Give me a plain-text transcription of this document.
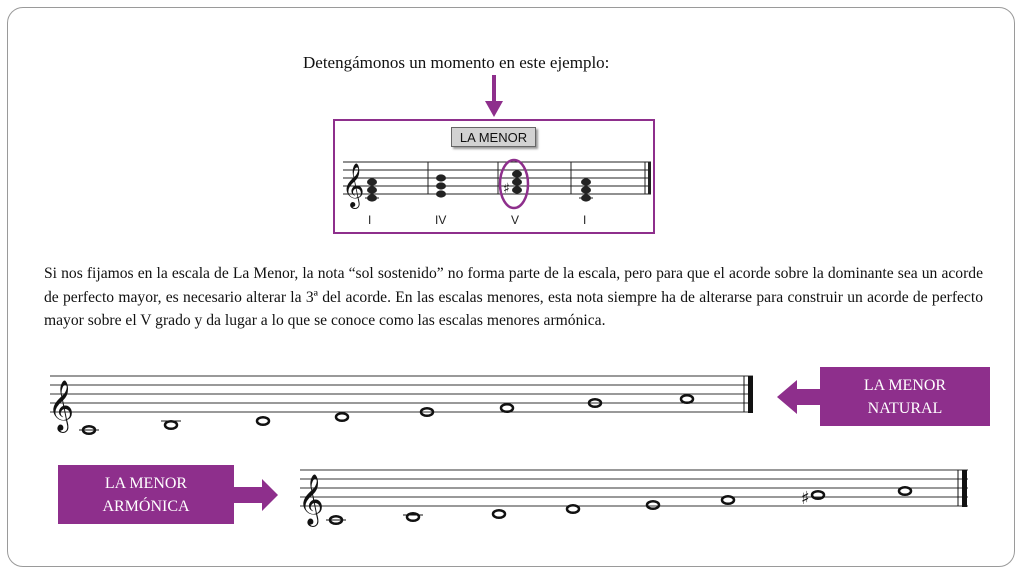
Detengámonos un momento en este ejemplo:
LA MENOR
𝄞	♯
I	IV	V	I

Si nos fijamos en la escala de La Menor, la nota “sol sostenido” no forma parte de la escala, pero para que el acorde sobre la dominante sea un acorde de perfecto mayor, es necesario alterar la 3ª del acorde. En las escalas menores, esta nota siempre ha de alterarse para construir un acorde de perfecto mayor sobre el V grado y da lugar a lo que se conoce como las escalas menores armónica.

𝄞	LA MENOR
NATURAL
LA MENOR
ARMÓNICA	𝄞	♯
